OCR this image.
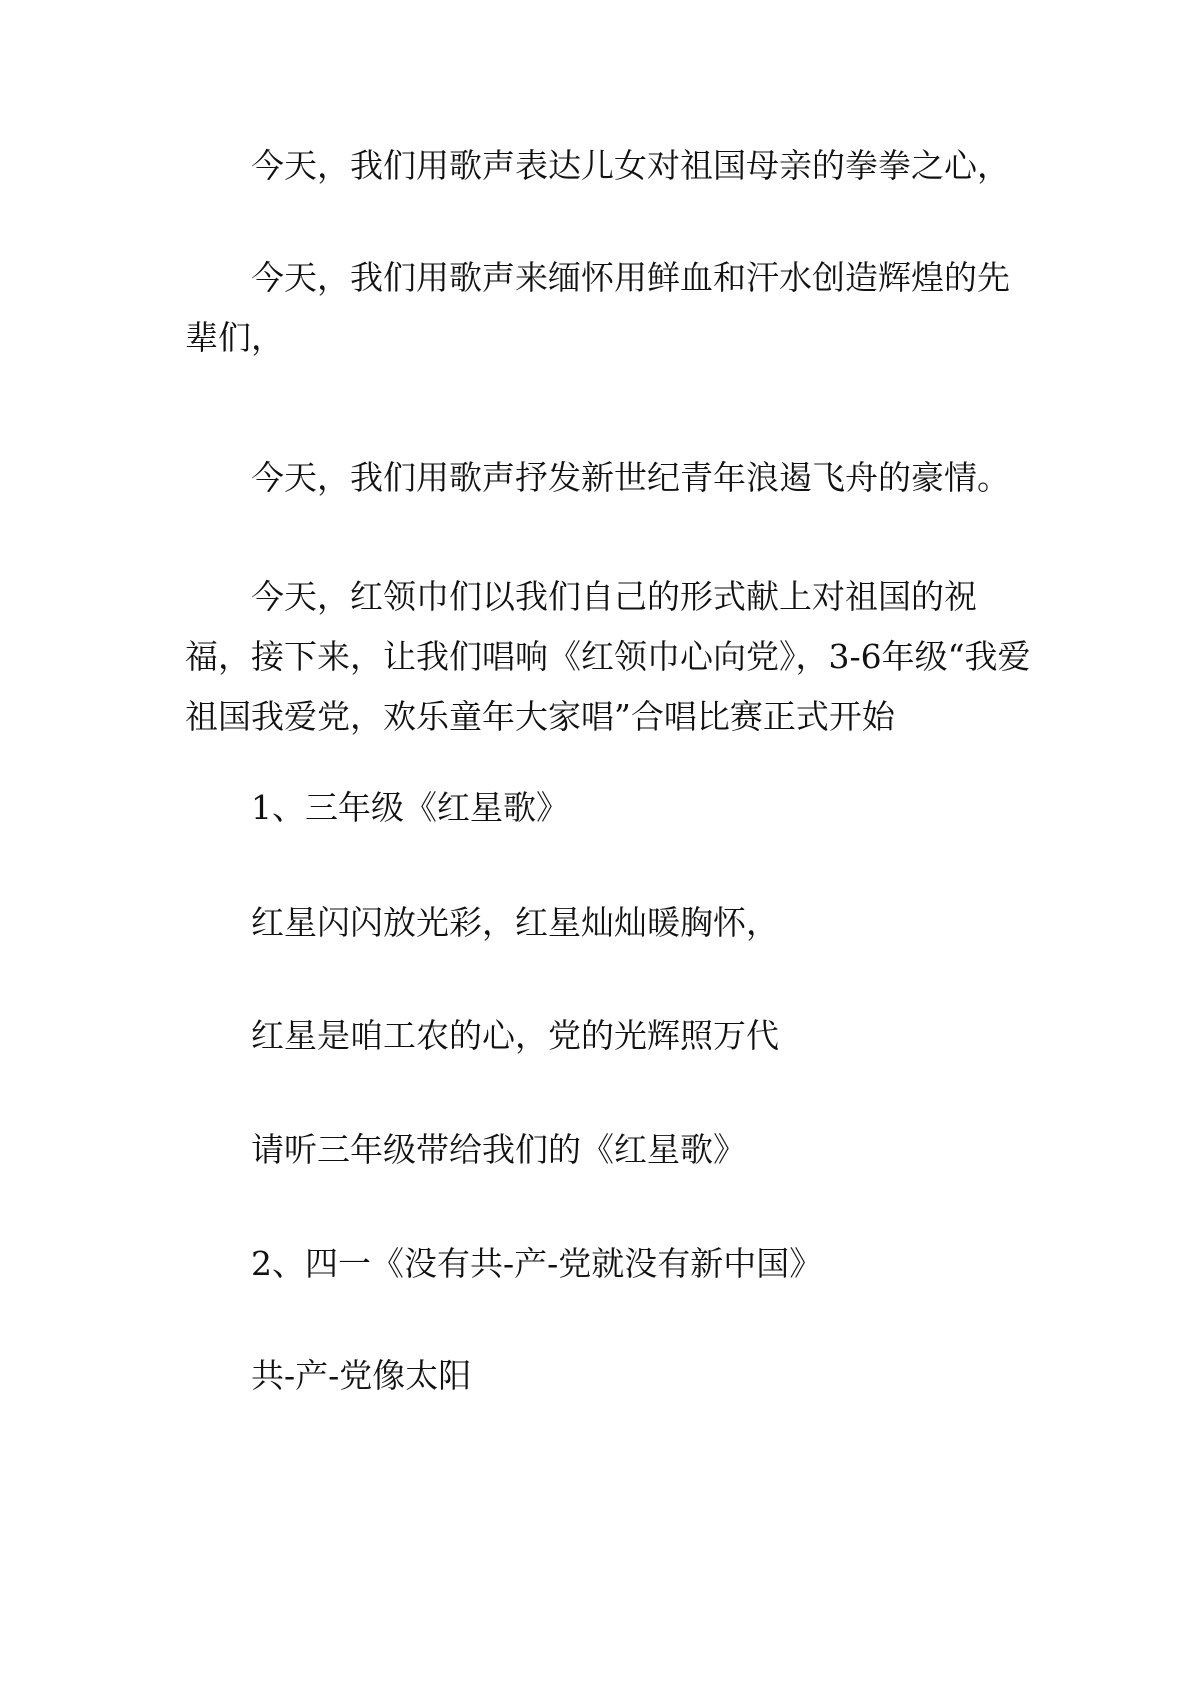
今天，我们用歌声表达儿女对祖国母亲的拳拳之心，

今天，我们用歌声来缅怀用鲜血和汗水创造辉煌的先辈们，

今天，我们用歌声抒发新世纪青年浪遏飞舟的豪情。

今天，红领巾们以我们自己的形式献上对祖国的祝福，接下来，让我们唱响《红领巾心向党》，3-6年级“我爱祖国我爱党，欢乐童年大家唱”合唱比赛正式开始

1、三年级《红星歌》

红星闪闪放光彩，红星灿灿暖胸怀，

红星是咱工农的心，党的光辉照万代

请听三年级带给我们的《红星歌》

2、四一《没有共-产-党就没有新中国》

共-产-党像太阳
